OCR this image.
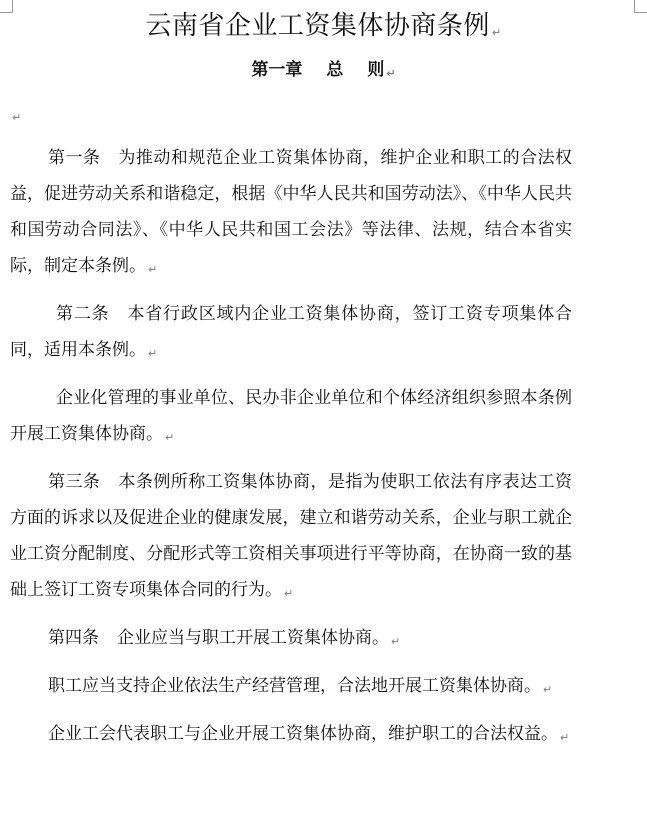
云南省企业工资集体协商条例 ↵
第一章 总 则 ↵
↵

第一条 为推动和规范企业工资集体协商，维护企业和职工的合法权益，促进劳动关系和谐稳定，根据《中华人民共和国劳动法》、《中华人民共和国劳动合同法》、《中华人民共和国工会法》等法律、法规，结合本省实际，制定本条例。 ↵

第二条 本省行政区域内企业工资集体协商，签订工资专项集体合同，适用本条例。 ↵

企业化管理的事业单位、民办非企业单位和个体经济组织参照本条例开展工资集体协商。 ↵

第三条 本条例所称工资集体协商，是指为使职工依法有序表达工资方面的诉求以及促进企业的健康发展，建立和谐劳动关系，企业与职工就企业工资分配制度、分配形式等工资相关事项进行平等协商，在协商一致的基础上签订工资专项集体合同的行为。 ↵

第四条 企业应当与职工开展工资集体协商。 ↵

职工应当支持企业依法生产经营管理，合法地开展工资集体协商。 ↵

企业工会代表职工与企业开展工资集体协商，维护职工的合法权益。 ↵
